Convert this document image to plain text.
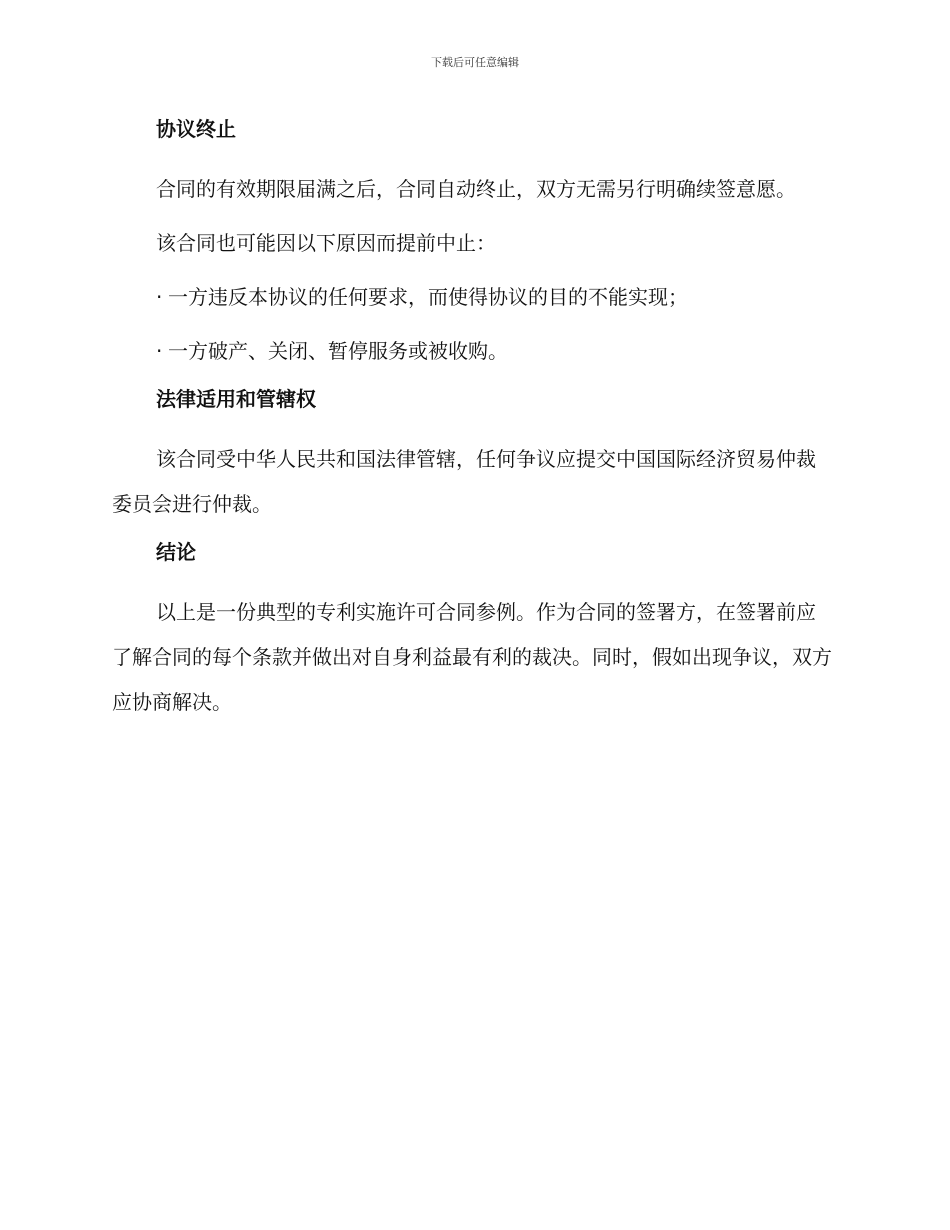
下载后可任意编辑
协议终止

合同的有效期限届满之后，合同自动终止，双方无需另行明确续签意愿。

该合同也可能因以下原因而提前中止：

· 一方违反本协议的任何要求，而使得协议的目的不能实现；
· 一方破产、关闭、暂停服务或被收购。
法律适用和管辖权

该合同受中华人民共和国法律管辖，任何争议应提交中国国际经济贸易仲裁委员会进行仲裁。

结论

以上是一份典型的专利实施许可合同参例。作为合同的签署方，在签署前应了解合同的每个条款并做出对自身利益最有利的裁决。同时，假如出现争议，双方应协商解决。
